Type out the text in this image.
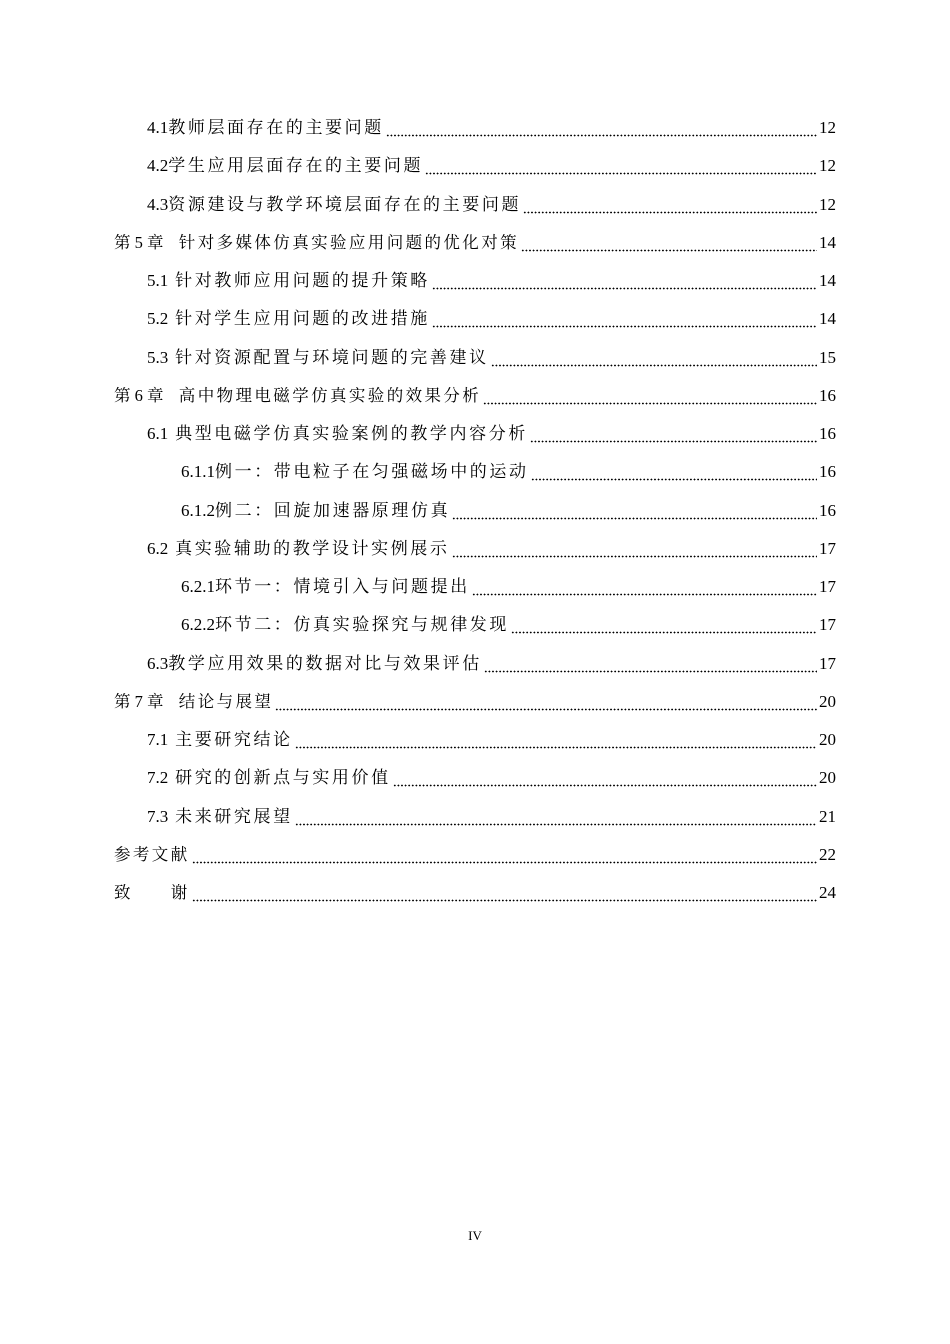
4.1教师层面存在的主要问题	12
4.2学生应用层面存在的主要问题	12
4.3资源建设与教学环境层面存在的主要问题	12
第 5 章 针对多媒体仿真实验应用问题的优化对策	14
5.1 针对教师应用问题的提升策略	14
5.2 针对学生应用问题的改进措施	14
5.3 针对资源配置与环境问题的完善建议	15
第 6 章 高中物理电磁学仿真实验的效果分析	16
6.1 典型电磁学仿真实验案例的教学内容分析	16
6.1.1例一：带电粒子在匀强磁场中的运动	16
6.1.2例二：回旋加速器原理仿真	16
6.2 真实验辅助的教学设计实例展示	17
6.2.1环节一：情境引入与问题提出	17
6.2.2环节二：仿真实验探究与规律发现	17
6.3教学应用效果的数据对比与效果评估	17
第 7 章 结论与展望	20
7.1 主要研究结论	20
7.2 研究的创新点与实用价值	20
7.3 未来研究展望	21
参考文献	22
致　　谢	24
IV
